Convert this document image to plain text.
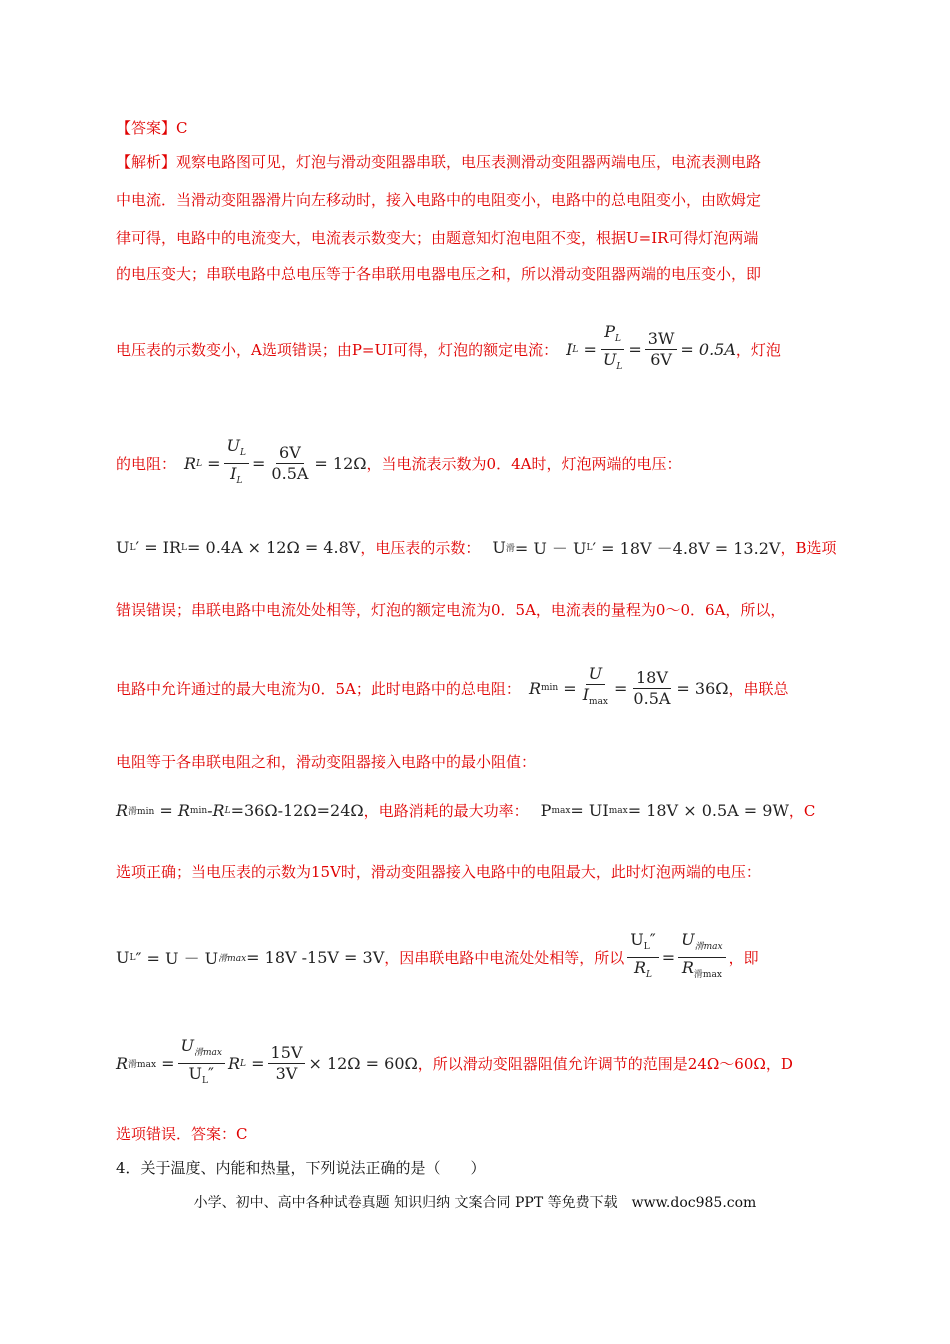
【答案】C
【解析】观察电路图可见，灯泡与滑动变阻器串联，电压表测滑动变阻器两端电压，电流表测电路
中电流．当滑动变阻器滑片向左移动时，接入电路中的电阻变小，电路中的总电阻变小，由欧姆定
律可得，电路中的电流变大，电流表示数变大；由题意知灯泡电阻不变，根据U=IR可得灯泡两端
的电压变大；串联电路中总电压等于各串联用电器电压之和，所以滑动变阻器两端的电压变小，即
电压表的示数变小，A选项错误；由P=UI可得，灯泡的额定电流： I $L = \frac{P_L}{U_L} = \frac{3W}{6V} = 0.5A$ ，灯泡
的电阻： R $L = \frac{U_L}{I_L} = \frac{6V}{0.5A} = 12\Omega$ ，当电流表示数为0．4A时，灯泡两端的电压：
U L ′ = IR L = 0.4A × 12Ω = 4.8V ，电压表的示数： U 滑 = U － U L ′ = 18V －4.8V = 13.2V ，B选项
错误错误；串联电路中电流处处相等，灯泡的额定电流为0．5A，电流表的量程为0～0．6A，所以，
电路中允许通过的最大电流为0．5A；此时电路中的总电阻： R $\min = \frac{U}{I_{max}} = \frac{18V}{0.5A} = 36\Omega$ ，串联总
电阻等于各串联电阻之和，滑动变阻器接入电路中的最小阻值：
R 滑min
= R min -R L =36Ω-12Ω=24Ω ，电路消耗的最大功率： P max = UI max = 18V × 0.5A = 9W ，C
选项正确；当电压表的示数为15V时，滑动变阻器接入电路中的电阻最大，此时灯泡两端的电压：
U L ″ = U － U 滑max = 18V -15V = 3V ，因串联电路中电流处处相等，所以 $\frac{U_L''}{R_L} = \frac{U_{滑max}}{R_{滑max}}$ ，即
R 滑$\max = \frac{U_{滑max}}{U_L''}$ R $L = \frac{15V}{3V} \times 12\Omega = 60\Omega$ ，所以滑动变阻器阻值允许调节的范围是24Ω～60Ω，D
选项错误．答案：C
4．关于温度、内能和热量，下列说法正确的是（　　）
小学、初中、高中各种试卷真题 知识归纳 文案合同 PPT 等免费下载　www.doc985.com
